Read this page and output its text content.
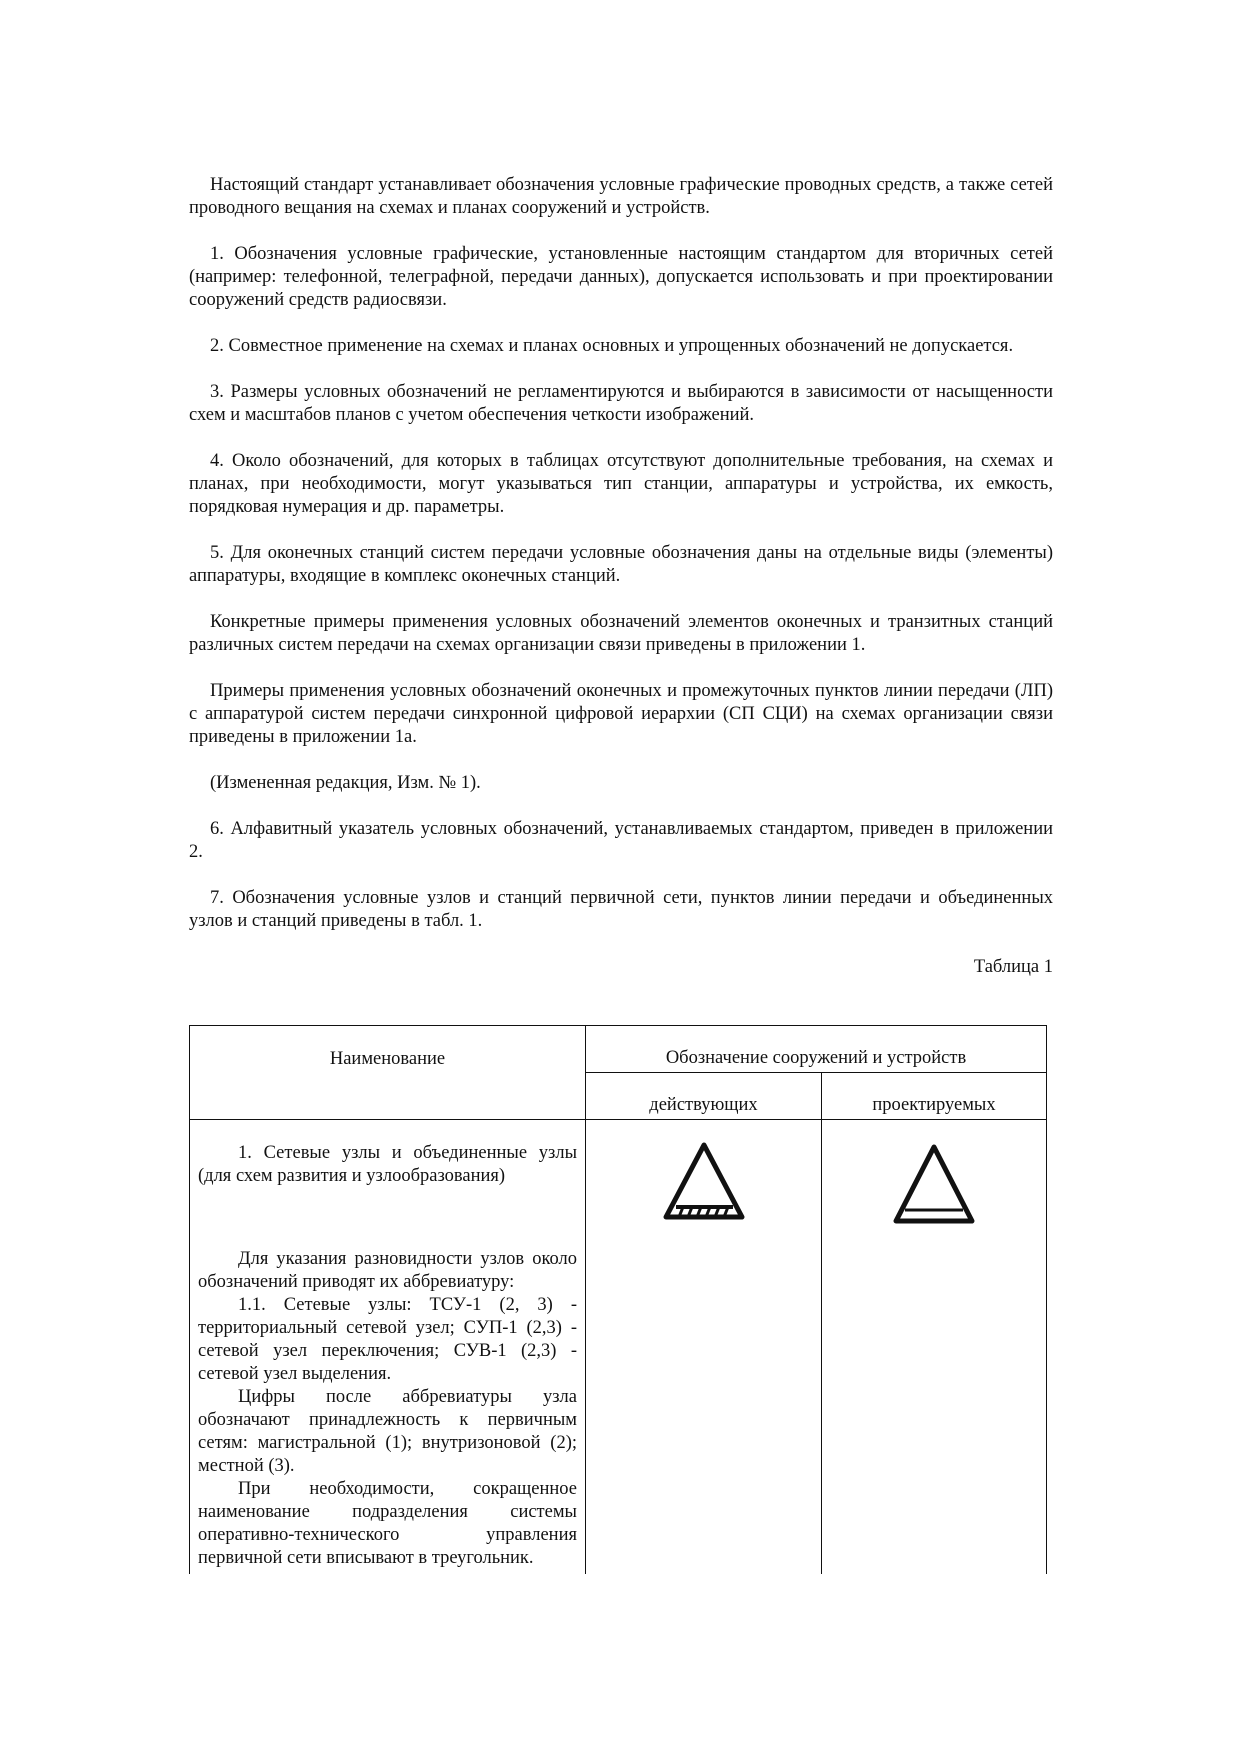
Настоящий стандарт устанавливает обозначения условные графические проводных средств, а также сетей проводного вещания на схемах и планах сооружений и устройств.

1. Обозначения условные графические, установленные настоящим стандартом для вторичных сетей (например: телефонной, телеграфной, передачи данных), допускается использовать и при проектировании сооружений средств радиосвязи.

2. Совместное применение на схемах и планах основных и упрощенных обозначений не допускается.

3. Размеры условных обозначений не регламентируются и выбираются в зависимости от насыщенности схем и масштабов планов с учетом обеспечения четкости изображений.

4. Около обозначений, для которых в таблицах отсутствуют дополнительные требования, на схемах и планах, при необходимости, могут указываться тип станции, аппаратуры и устройства, их емкость, порядковая нумерация и др. параметры.

5. Для оконечных станций систем передачи условные обозначения даны на отдельные виды (элементы) аппаратуры, входящие в комплекс оконечных станций.

Конкретные примеры применения условных обозначений элементов оконечных и транзитных станций различных систем передачи на схемах организации связи приведены в приложении 1.

Примеры применения условных обозначений оконечных и промежуточных пунктов линии передачи (ЛП) с аппаратурой систем передачи синхронной цифровой иерархии (СП СЦИ) на схемах организации связи приведены в приложении 1а.

(Измененная редакция, Изм. № 1).

6. Алфавитный указатель условных обозначений, устанавливаемых стандартом, приведен в приложении 2.

7. Обозначения условные узлов и станций первичной сети, пунктов линии передачи и объединенных узлов и станций приведены в табл. 1.

Таблица 1
Наименование	Обозначение сооружений и устройств	
	действующих	проектируемых

1. Сетевые узлы и объединенные узлы (для схем развития и узлообразования)

Для указания разновидности узлов около обозначений приводят их аббревиатуру:

1.1. Сетевые узлы: ТСУ-1 (2, 3) - территориальный сетевой узел; СУП-1 (2,3) - сетевой узел переключения; СУВ-1 (2,3) - сетевой узел выделения.

Цифры после аббревиатуры узла обозначают принадлежность к первичным сетям: магистральной (1); внутризоновой (2); местной (3).

При необходимости, сокращенное наименование подразделения системы оперативно-технического управления первичной сети вписывают в треугольник.
